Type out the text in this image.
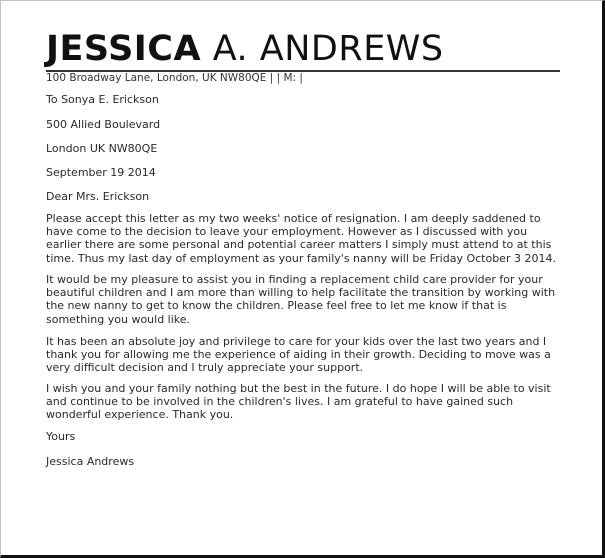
JESSICA A. ANDREWS
100 Broadway Lane, London, UK NW80QE | | M: |
To Sonya E. Erickson
500 Allied Boulevard
London UK NW80QE
September 19 2014
Dear Mrs. Erickson
Please accept this letter as my two weeks' notice of resignation. I am deeply saddened to have come to the decision to leave your employment. However as I discussed with you earlier there are some personal and potential career matters I simply must attend to at this time. Thus my last day of employment as your family's nanny will be Friday October 3 2014.
It would be my pleasure to assist you in finding a replacement child care provider for your beautiful children and I am more than willing to help facilitate the transition by working with the new nanny to get to know the children. Please feel free to let me know if that is something you would like.
It has been an absolute joy and privilege to care for your kids over the last two years and I thank you for allowing me the experience of aiding in their growth. Deciding to move was a very difficult decision and I truly appreciate your support.
I wish you and your family nothing but the best in the future. I do hope I will be able to visit and continue to be involved in the children's lives. I am grateful to have gained such wonderful experience. Thank you.
Yours
Jessica Andrews
